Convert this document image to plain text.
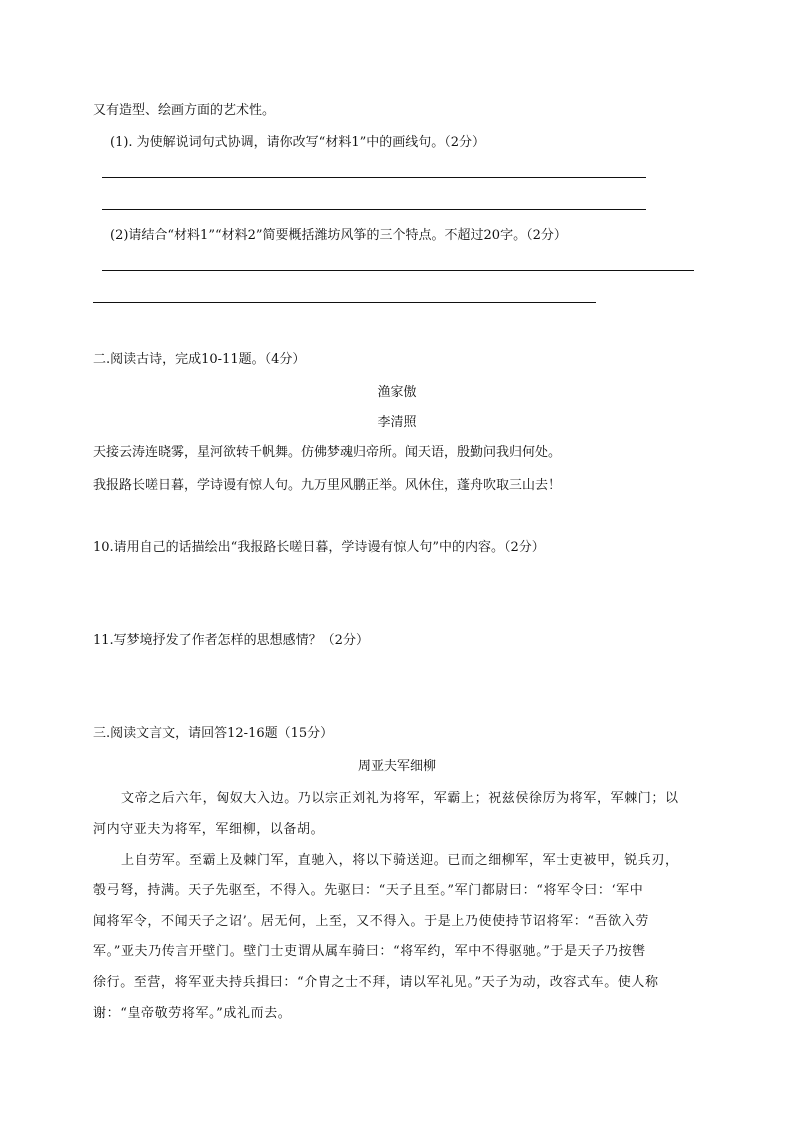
又有造型、绘画方面的艺术性。
(1). 为使解说词句式协调，请你改写“材料1”中的画线句。（2分）
(2)请结合“材料1”“材料2”简要概括潍坊风筝的三个特点。不超过20字。（2分）
二.阅读古诗，完成10-11题。（4分）
渔家傲
李清照
天接云涛连晓雾，星河欲转千帆舞。仿佛梦魂归帝所。闻天语，殷勤问我归何处。
我报路长嗟日暮，学诗谩有惊人句。九万里风鹏正举。风休住，蓬舟吹取三山去！
10.请用自己的话描绘出“我报路长嗟日暮，学诗谩有惊人句”中的内容。（2分）
11.写梦境抒发了作者怎样的思想感情？（2分）
三.阅读文言文，请回答12-16题（15分）
周亚夫军细柳
文帝之后六年，匈奴大入边。乃以宗正刘礼为将军，军霸上；祝兹侯徐厉为将军，军棘门；以
河内守亚夫为将军，军细柳，以备胡。
上自劳军。至霸上及棘门军，直驰入，将以下骑送迎。已而之细柳军，军士吏被甲，锐兵刃，
彀弓弩，持满。天子先驱至，不得入。先驱曰：“天子且至。”军门都尉曰：“将军令曰：‘军中
闻将军令，不闻天子之诏’。居无何，上至，又不得入。于是上乃使使持节诏将军：“吾欲入劳
军。”亚夫乃传言开壁门。壁门士吏谓从属车骑曰：“将军约，军中不得驱驰。”于是天子乃按辔
徐行。至营，将军亚夫持兵揖曰：“介胄之士不拜，请以军礼见。”天子为动，改容式车。使人称
谢：“皇帝敬劳将军。”成礼而去。
